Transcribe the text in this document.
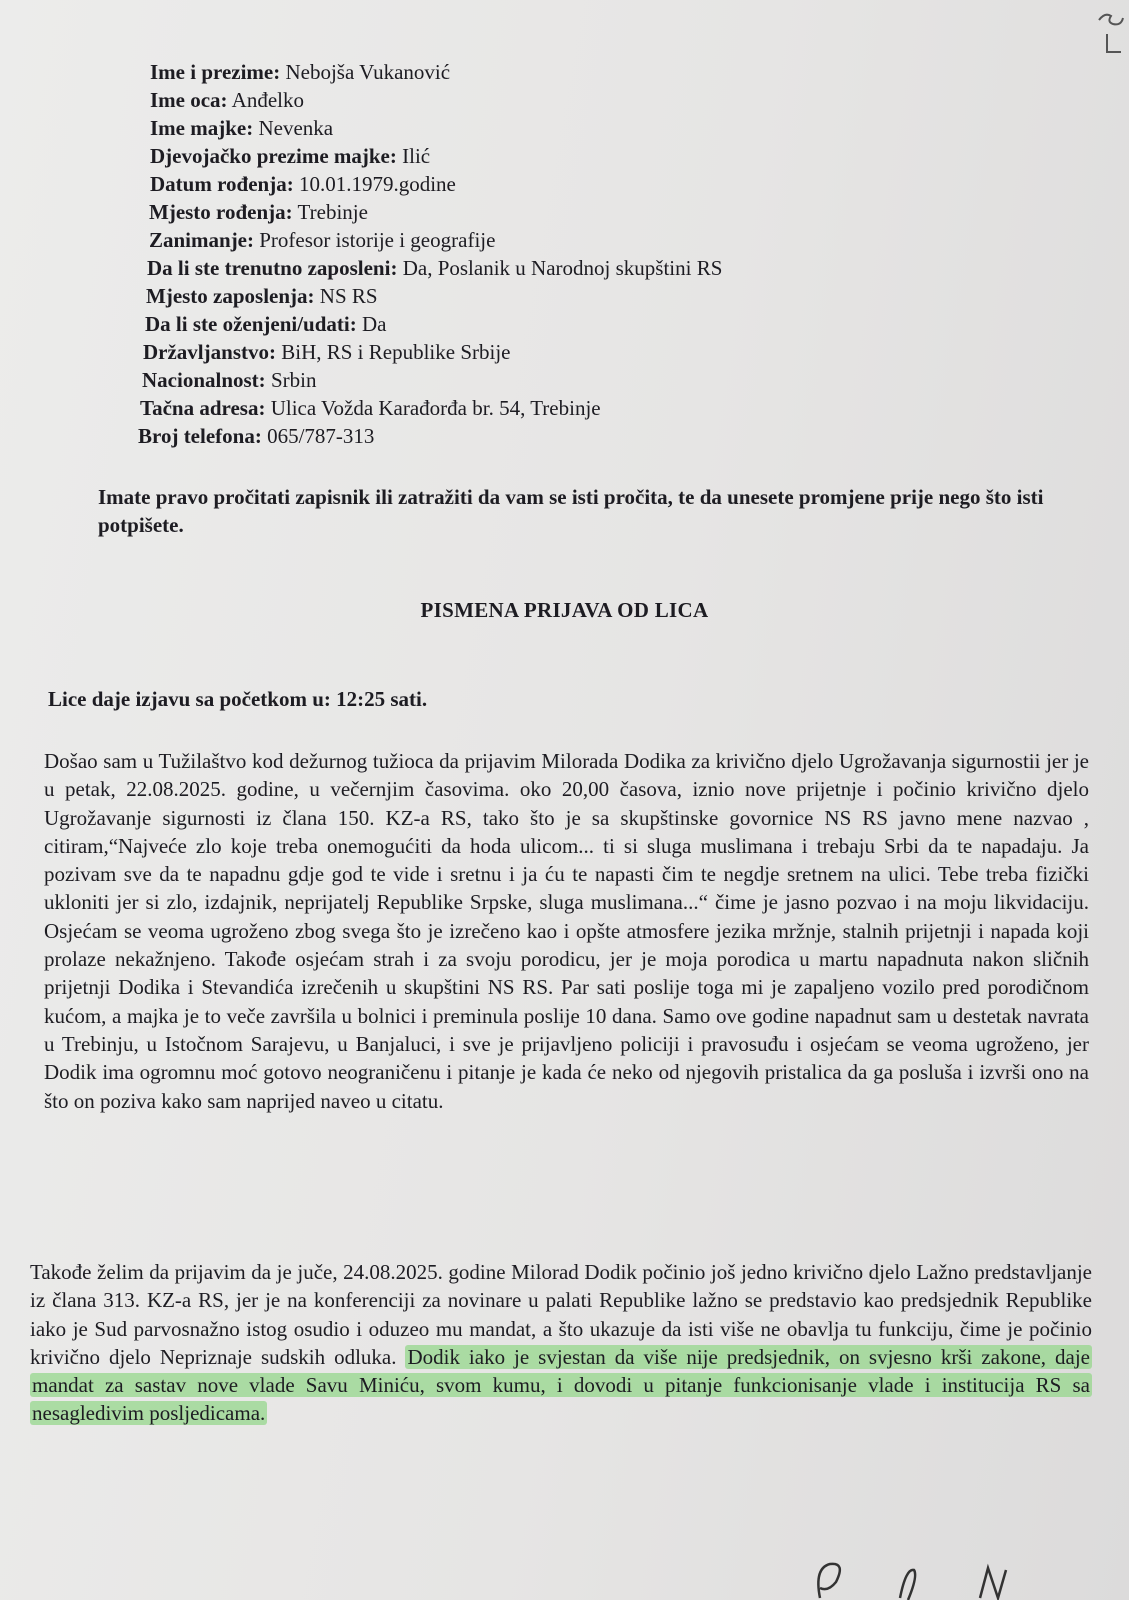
Ime i prezime: Nebojša Vukanović
Ime oca: Anđelko
Ime majke: Nevenka
Djevojačko prezime majke: Ilić
Datum rođenja: 10.01.1979.godine
Mjesto rođenja: Trebinje
Zanimanje: Profesor istorije i geografije
Da li ste trenutno zaposleni: Da, Poslanik u Narodnoj skupštini RS
Mjesto zaposlenja: NS RS
Da li ste oženjeni/udati: Da
Državljanstvo: BiH, RS i Republike Srbije
Nacionalnost: Srbin
Tačna adresa: Ulica Vožda Karađorđa br. 54, Trebinje
Broj telefona: 065/787-313
Imate pravo pročitati zapisnik ili zatražiti da vam se isti pročita, te da unesete promjene prije nego što isti potpišete.
PISMENA PRIJAVA OD LICA
Lice daje izjavu sa početkom u: 12:25 sati.
Došao sam u Tužilaštvo kod dežurnog tužioca da prijavim Milorada Dodika za krivično djelo Ugrožavanja sigurnostii jer je u petak, 22.08.2025. godine, u večernjim časovima. oko 20,00 časova, iznio nove prijetnje i počinio krivično djelo Ugrožavanje sigurnosti iz člana 150. KZ-a RS, tako što je sa skupštinske govornice NS RS javno mene nazvao , citiram,“Najveće zlo koje treba onemogućiti da hoda ulicom... ti si sluga muslimana i trebaju Srbi da te napadaju. Ja pozivam sve da te napadnu gdje god te vide i sretnu i ja ću te napasti čim te negdje sretnem na ulici. Tebe treba fizički ukloniti jer si zlo, izdajnik, neprijatelj Republike Srpske, sluga muslimana...“ čime je jasno pozvao i na moju likvidaciju. Osjećam se veoma ugroženo zbog svega što je izrečeno kao i opšte atmosfere jezika mržnje, stalnih prijetnji i napada koji prolaze nekažnjeno. Takođe osjećam strah i za svoju porodicu, jer je moja porodica u martu napadnuta nakon sličnih prijetnji Dodika i Stevandića izrečenih u skupštini NS RS. Par sati poslije toga mi je zapaljeno vozilo pred porodičnom kućom, a majka je to veče završila u bolnici i preminula poslije 10 dana. Samo ove godine napadnut sam u destetak navrata u Trebinju, u Istočnom Sarajevu, u Banjaluci, i sve je prijavljeno policiji i pravosuđu i osjećam se veoma ugroženo, jer Dodik ima ogromnu moć gotovo neograničenu i pitanje je kada će neko od njegovih pristalica da ga posluša i izvrši ono na što on poziva kako sam naprijed naveo u citatu.
Takođe želim da prijavim da je juče, 24.08.2025. godine Milorad Dodik počinio još jedno krivično djelo Lažno predstavljanje iz člana 313. KZ-a RS, jer je na konferenciji za novinare u palati Republike lažno se predstavio kao predsjednik Republike iako je Sud parvosnažno istog osudio i oduzeo mu mandat, a što ukazuje da isti više ne obavlja tu funkciju, čime je počinio krivično djelo Nepriznaje sudskih odluka. Dodik iako je svjestan da više nije predsjednik, on svjesno krši zakone, daje mandat za sastav nove vlade Savu Miniću, svom kumu, i dovodi u pitanje funkcionisanje vlade i institucija RS sa nesagledivim posljedicama.
